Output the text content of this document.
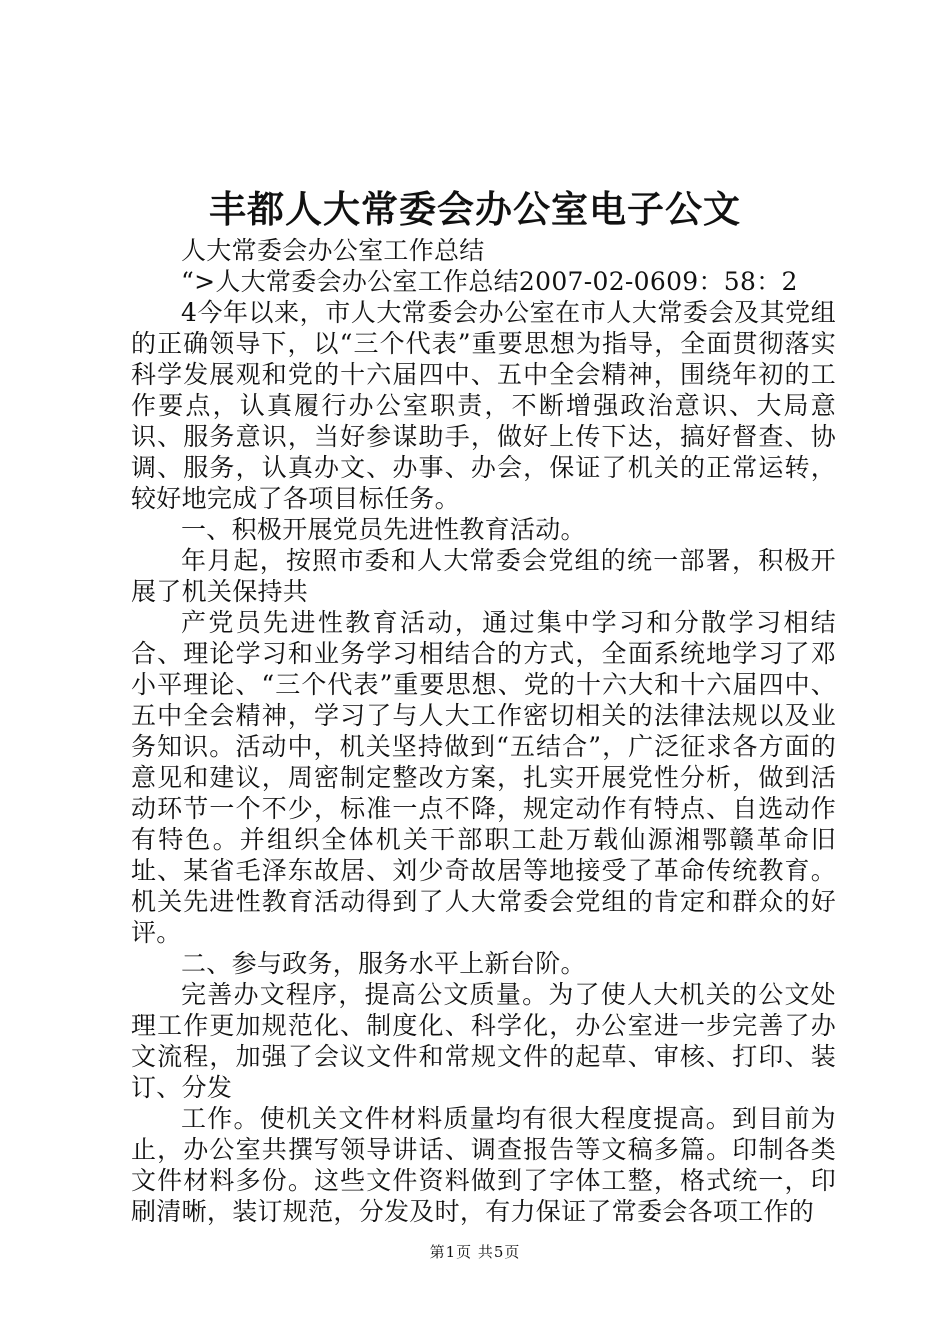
丰都人大常委会办公室电子公文

人大常委会办公室工作总结

“>人大常委会办公室工作总结2007-02-0609：58：2

4今年以来，市人大常委会办公室在市人大常委会及其党组的正确领导下，以“三个代表”重要思想为指导，全面贯彻落实科学发展观和党的十六届四中、五中全会精神，围绕年初的工作要点，认真履行办公室职责，不断增强政治意识、大局意识、服务意识，当好参谋助手，做好上传下达，搞好督查、协调、服务，认真办文、办事、办会，保证了机关的正常运转，较好地完成了各项目标任务。

一、积极开展党员先进性教育活动。

年月起，按照市委和人大常委会党组的统一部署，积极开展了机关保持共

产党员先进性教育活动，通过集中学习和分散学习相结合、理论学习和业务学习相结合的方式，全面系统地学习了邓小平理论、“三个代表”重要思想、党的十六大和十六届四中、五中全会精神，学习了与人大工作密切相关的法律法规以及业务知识。活动中，机关坚持做到“五结合”，广泛征求各方面的意见和建议，周密制定整改方案，扎实开展党性分析，做到活动环节一个不少，标准一点不降，规定动作有特点、自选动作有特色。并组织全体机关干部职工赴万载仙源湘鄂赣革命旧址、某省毛泽东故居、刘少奇故居等地接受了革命传统教育。机关先进性教育活动得到了人大常委会党组的肯定和群众的好评。

二、参与政务，服务水平上新台阶。

完善办文程序，提高公文质量。为了使人大机关的公文处理工作更加规范化、制度化、科学化，办公室进一步完善了办文流程，加强了会议文件和常规文件的起草、审核、打印、装订、分发

工作。使机关文件材料质量均有很大程度提高。到目前为止，办公室共撰写领导讲话、调查报告等文稿多篇。印制各类文件材料多份。这些文件资料做到了字体工整，格式统一，印刷清晰，装订规范，分发及时，有力保证了常委会各项工作的

第1页 共5页
